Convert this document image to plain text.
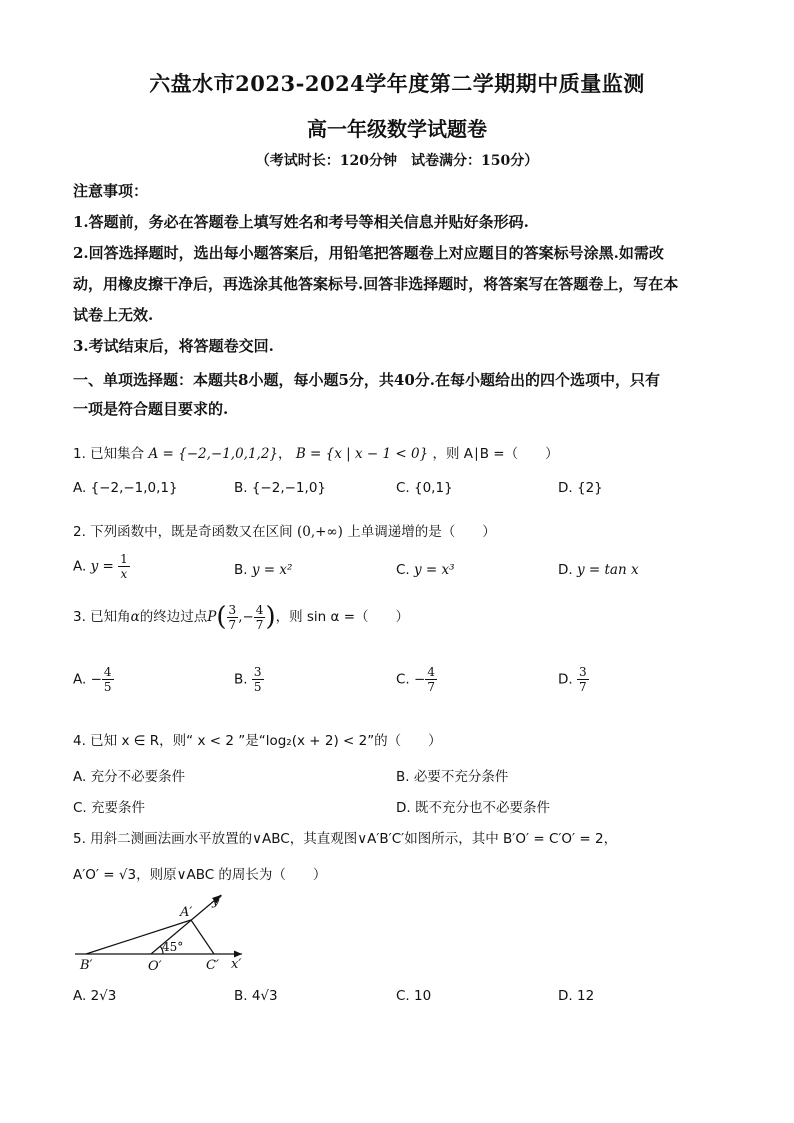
六盘水市2023-2024学年度第二学期期中质量监测
高一年级数学试题卷
（考试时长：120分钟　试卷满分：150分）

注意事项：

1.答题前，务必在答题卷上填写姓名和考号等相关信息并贴好条形码.

2.回答选择题时，选出每小题答案后，用铅笔把答题卷上对应题目的答案标号涂黑.如需改

动，用橡皮擦干净后，再选涂其他答案标号.回答非选择题时，将答案写在答题卷上，写在本

试卷上无效.

3.考试结束后，将答题卷交回.

一、单项选择题：本题共8小题，每小题5分，共40分.在每小题给出的四个选项中，只有
一项是符合题目要求的.
1. 已知集合 A = {−2,−1,0,1,2}， B = {x | x − 1 < 0} ，则 A∣B =（　　）
A. {−2,−1,0,1}	B. {−2,−1,0}	C. {0,1}	D. {2}
2. 下列函数中，既是奇函数又在区间 (0,+∞) 上单调递增的是（　　）
A. $y = \frac{1}{x}$	B. y = x²	C. y = x³	D. y = tan x
3. 已知角α的终边过点$P( \frac{3}{7}$ ,− $\frac{4}{7}$ )，则 sin α =（　　）
A. − $\frac{4}{5}$	B. $\frac{3}{5}$	C. − $\frac{4}{7}$	D. $\frac{3}{7}$
4. 已知 x ∈ R，则“ x < 2 ”是“log₂(x + 2) < 2”的（　　）
A. 充分不必要条件	B. 必要不充分条件
C. 充要条件	D. 既不充分也不必要条件
5. 用斜二测画法画水平放置的∨ABC，其直观图∨A′B′C′如图所示，其中 B′O′ = C′O′ = 2，
A′O′ = √3，则原∨ABC 的周长为（　　）
A′
B′	C′
O′	x′
y′
45°
A. 2√3	B. 4√3	C. 10	D. 12
